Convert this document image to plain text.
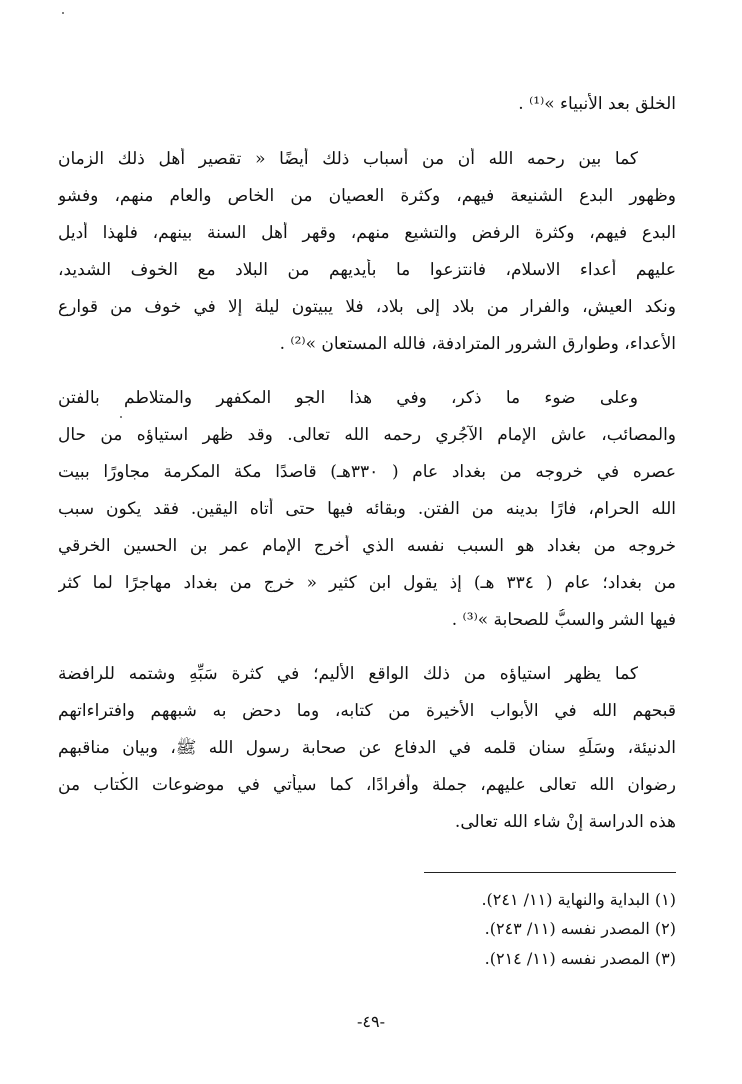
الخلق بعد الأنبياء »⁽¹⁾ .
كما بين رحمه الله أن من أسباب ذلك أيضًا « تقصير أهل ذلك الزمان
وظهور البدع الشنيعة فيهم، وكثرة العصيان من الخاص والعام منهم، وفشو
البدع فيهم، وكثرة الرفض والتشيع منهم، وقهر أهل السنة بينهم، فلهذا أديل
عليهم أعداء الاسلام، فانتزعوا ما بأيديهم من البلاد مع الخوف الشديد،
ونكد العيش، والفرار من بلاد إلى بلاد، فلا يبيتون ليلة إلا في خوف من قوارع
الأعداء، وطوارق الشرور المترادفة، فالله المستعان »⁽²⁾ .
وعلى ضوء ما ذكر، وفي هذا الجو المكفهر والمتلاطم بالفتن
والمصائب، عاش الإمام الآجُري رحمه الله تعالى. وقد ظهر استياؤه من حال
عصره في خروجه من بغداد عام ( ٣٣٠هـ) قاصدًا مكة المكرمة مجاورًا ببيت
الله الحرام، فارًا بدينه من الفتن. وبقائه فيها حتى أتاه اليقين. فقد يكون سبب
خروجه من بغداد هو السبب نفسه الذي أخرج الإمام عمر بن الحسين الخرقي
من بغداد؛ عام ( ٣٣٤ هـ) إذ يقول ابن كثير « خرج من بغداد مهاجرًا لما كثر
فيها الشر والسبُّ للصحابة »⁽³⁾ .
كما يظهر استياؤه من ذلك الواقع الأليم؛ في كثرة سَبِّهِ وشتمه للرافضة
قبحهم الله في الأبواب الأخيرة من كتابه، وما دحض به شبههم وافتراءاتهم
الدنيئة، وسَلِّهِ سنان قلمه في الدفاع عن صحابة رسول الله ﷺ، وبيان مناقبهم
رضوان الله تعالى عليهم، جملة وأفرادًا، كما سيأتي في موضوعات الكتاب من
هذه الدراسة إنْ شاء الله تعالى.
(١) البداية والنهاية (١١/ ٢٤١).
(٢) المصدر نفسه (١١/ ٢٤٣).
(٣) المصدر نفسه (١١/ ٢١٤).
-٤٩-
